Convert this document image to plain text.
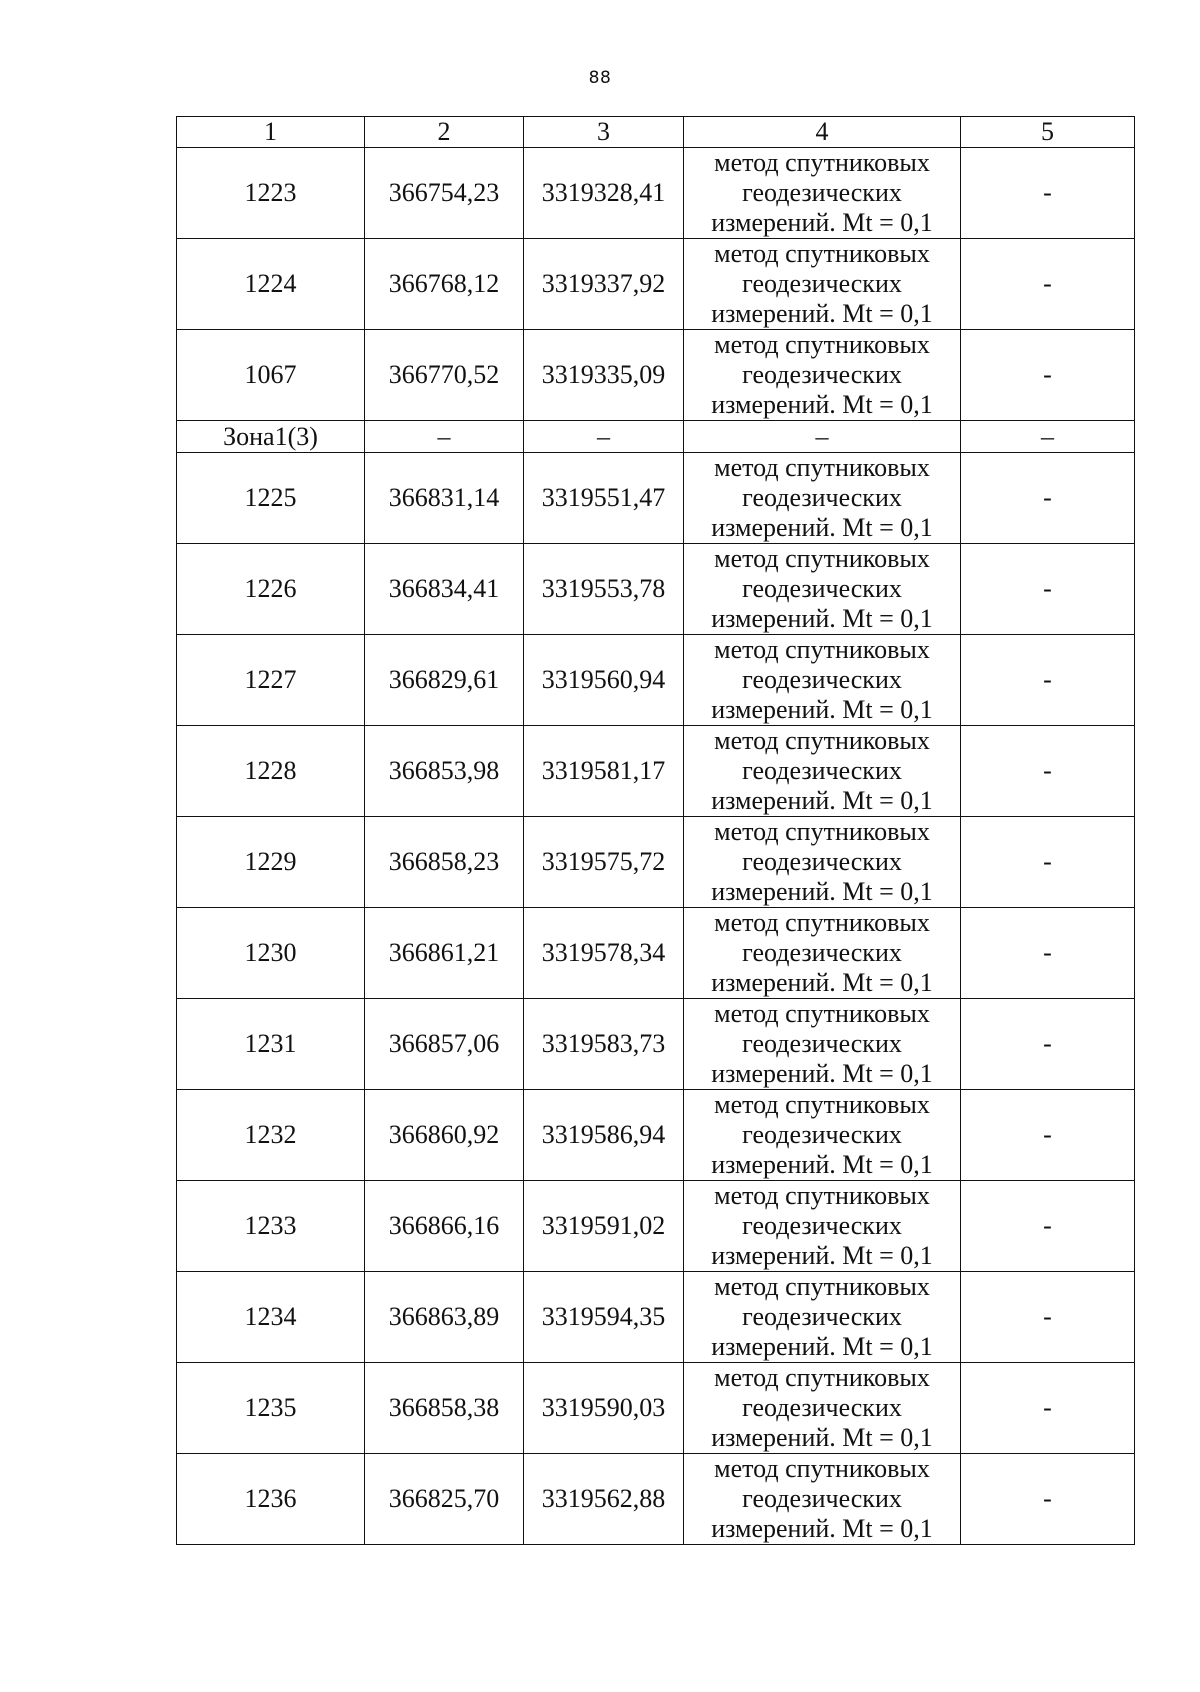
88
1	2	3	4	5
1223	366754,23	3319328,41	метод спутниковых геодезических измерений. Mt = 0,1	-
1224	366768,12	3319337,92	метод спутниковых геодезических измерений. Mt = 0,1	-
1067	366770,52	3319335,09	метод спутниковых геодезических измерений. Mt = 0,1	-
Зона1(3)	–	–	–	–
1225	366831,14	3319551,47	метод спутниковых геодезических измерений. Mt = 0,1	-
1226	366834,41	3319553,78	метод спутниковых геодезических измерений. Mt = 0,1	-
1227	366829,61	3319560,94	метод спутниковых геодезических измерений. Mt = 0,1	-
1228	366853,98	3319581,17	метод спутниковых геодезических измерений. Mt = 0,1	-
1229	366858,23	3319575,72	метод спутниковых геодезических измерений. Mt = 0,1	-
1230	366861,21	3319578,34	метод спутниковых геодезических измерений. Mt = 0,1	-
1231	366857,06	3319583,73	метод спутниковых геодезических измерений. Mt = 0,1	-
1232	366860,92	3319586,94	метод спутниковых геодезических измерений. Mt = 0,1	-
1233	366866,16	3319591,02	метод спутниковых геодезических измерений. Mt = 0,1	-
1234	366863,89	3319594,35	метод спутниковых геодезических измерений. Mt = 0,1	-
1235	366858,38	3319590,03	метод спутниковых геодезических измерений. Mt = 0,1	-
1236	366825,70	3319562,88	метод спутниковых геодезических измерений. Mt = 0,1	-
